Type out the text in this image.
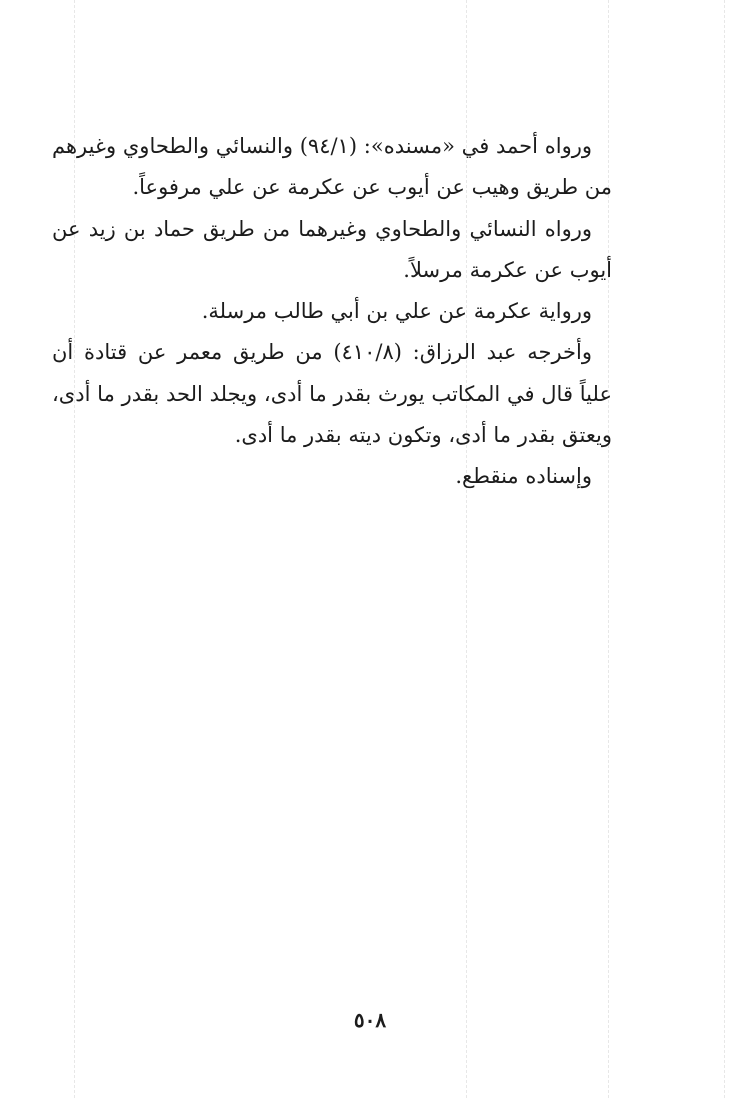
ورواه أحمد في «مسنده»: (٩٤/١) والنسائي والطحاوي وغيرهم من طريق وهيب عن أيوب عن عكرمة عن علي مرفوعاً.

ورواه النسائي والطحاوي وغيرهما من طريق حماد بن زيد عن أيوب عن عكرمة مرسلاً.

ورواية عكرمة عن علي بن أبي طالب مرسلة.

وأخرجه عبد الرزاق: (٤١٠/٨) من طريق معمر عن قتادة أن علياً قال في المكاتب يورث بقدر ما أدى، ويجلد الحد بقدر ما أدى، ويعتق بقدر ما أدى، وتكون ديته بقدر ما أدى.

وإسناده منقطع.

٥٠٨
